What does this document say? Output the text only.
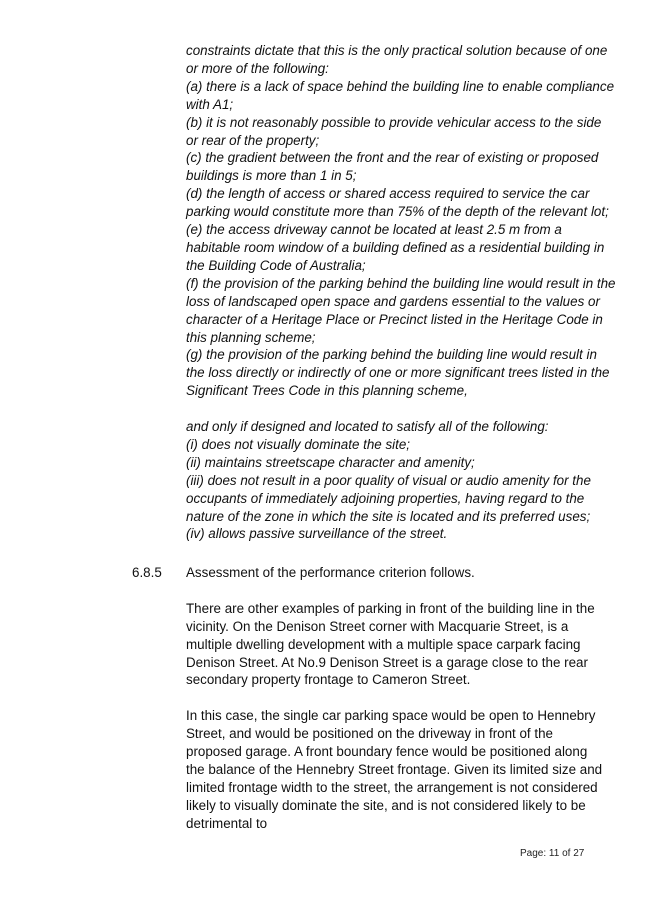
constraints dictate that this is the only practical solution because of one or more of the following:

(a) there is a lack of space behind the building line to enable compliance with A1;

(b) it is not reasonably possible to provide vehicular access to the side or rear of the property;

(c) the gradient between the front and the rear of existing or proposed buildings is more than 1 in 5;

(d) the length of access or shared access required to service the car parking would constitute more than 75% of the depth of the relevant lot;

(e) the access driveway cannot be located at least 2.5 m from a habitable room window of a building defined as a residential building in the Building Code of Australia;

(f) the provision of the parking behind the building line would result in the loss of landscaped open space and gardens essential to the values or character of a Heritage Place or Precinct listed in the Heritage Code in this planning scheme;

(g) the provision of the parking behind the building line would result in the loss directly or indirectly of one or more significant trees listed in the Significant Trees Code in this planning scheme,

and only if designed and located to satisfy all of the following:

(i) does not visually dominate the site;

(ii) maintains streetscape character and amenity;

(iii) does not result in a poor quality of visual or audio amenity for the occupants of immediately adjoining properties, having regard to the nature of the zone in which the site is located and its preferred uses;

(iv) allows passive surveillance of the street.

6.8.5 Assessment of the performance criterion follows.

There are other examples of parking in front of the building line in the vicinity. On the Denison Street corner with Macquarie Street, is a multiple dwelling development with a multiple space carpark facing Denison Street. At No.9 Denison Street is a garage close to the rear secondary property frontage to Cameron Street.

In this case, the single car parking space would be open to Hennebry Street, and would be positioned on the driveway in front of the proposed garage. A front boundary fence would be positioned along the balance of the Hennebry Street frontage. Given its limited size and limited frontage width to the street, the arrangement is not considered likely to visually dominate the site, and is not considered likely to be detrimental to

Page: 11 of 27
